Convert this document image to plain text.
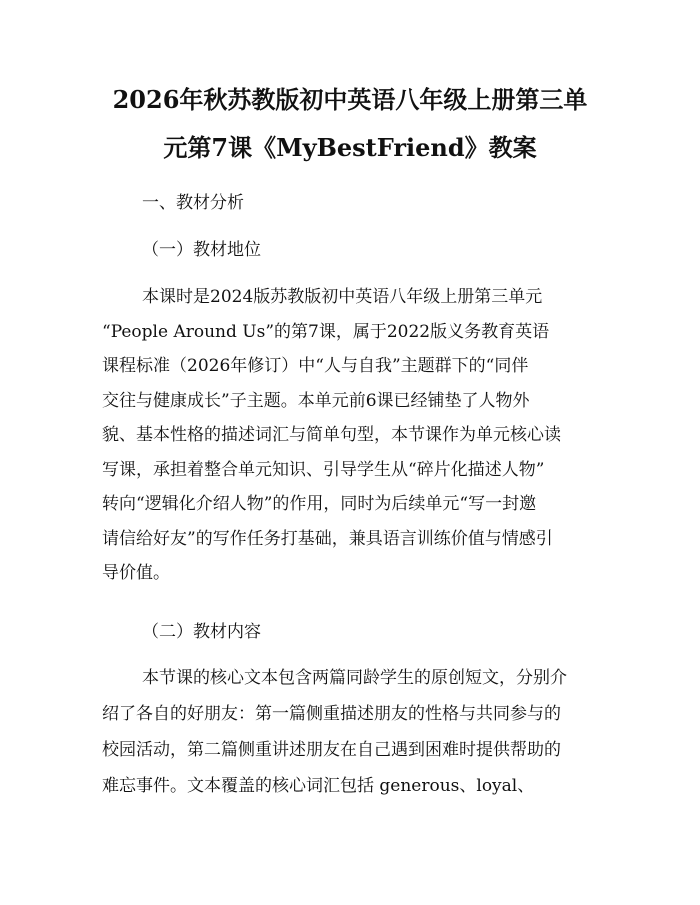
2026年秋苏教版初中英语八年级上册第三单
元第7课《MyBestFriend》教案
一、教材分析
（一）教材地位
本课时是2024版苏教版初中英语八年级上册第三单元
“People Around Us”的第7课，属于2022版义务教育英语
课程标准（2026年修订）中“人与自我”主题群下的“同伴
交往与健康成长”子主题。本单元前6课已经铺垫了人物外
貌、基本性格的描述词汇与简单句型，本节课作为单元核心读
写课，承担着整合单元知识、引导学生从“碎片化描述人物”
转向“逻辑化介绍人物”的作用，同时为后续单元“写一封邀
请信给好友”的写作任务打基础，兼具语言训练价值与情感引
导价值。
（二）教材内容
本节课的核心文本包含两篇同龄学生的原创短文，分别介
绍了各自的好朋友：第一篇侧重描述朋友的性格与共同参与的
校园活动，第二篇侧重讲述朋友在自己遇到困难时提供帮助的
难忘事件。文本覆盖的核心词汇包括 generous、loyal、
